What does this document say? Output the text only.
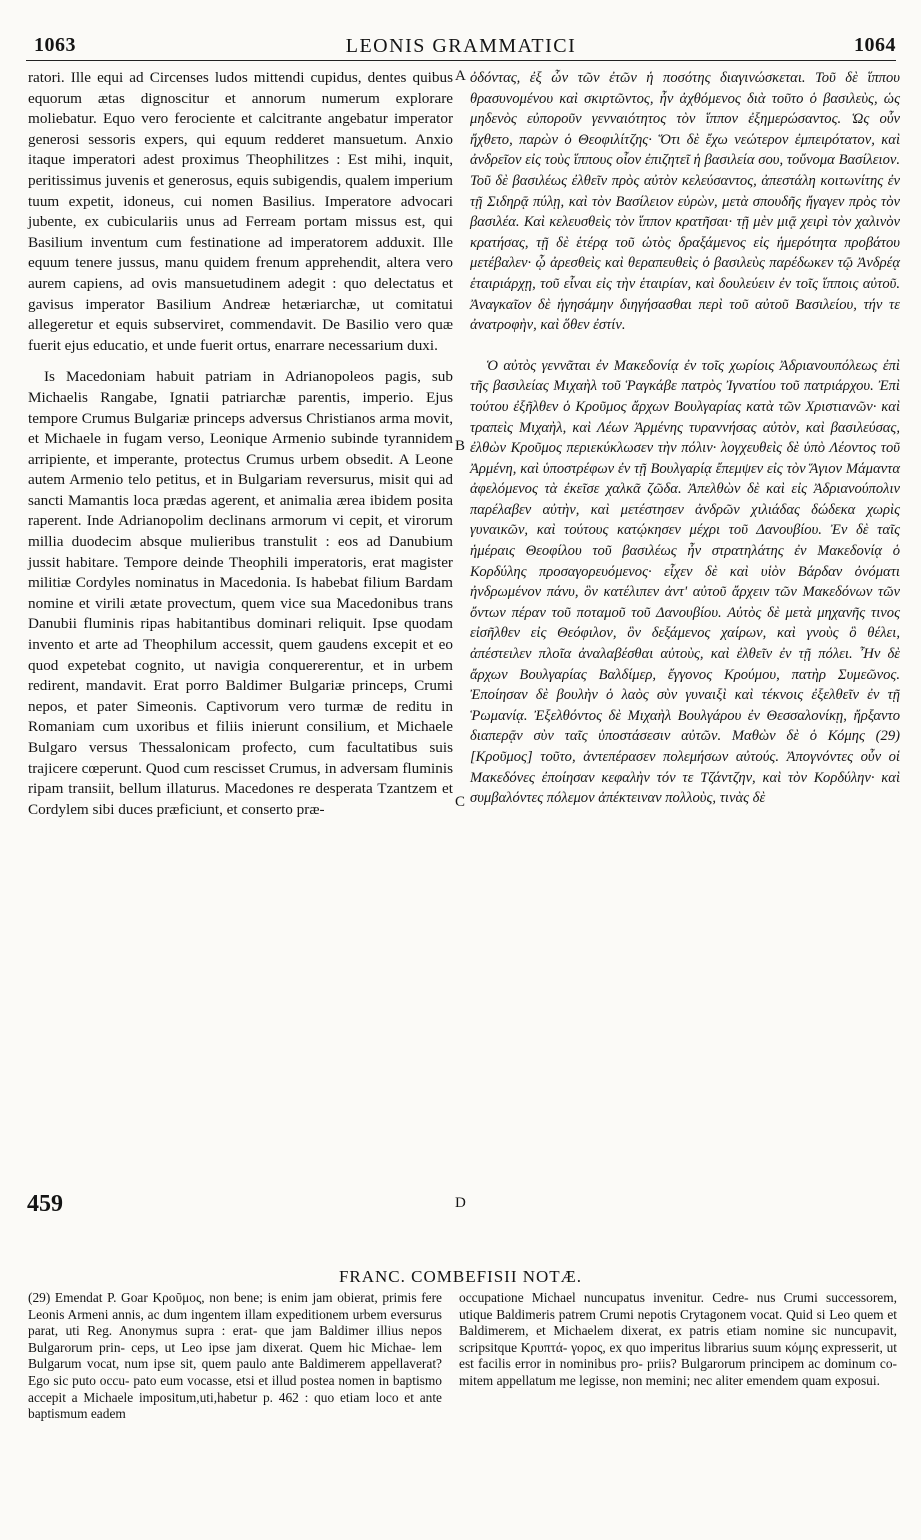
1063	LEONIS GRAMMATICI	1064

ratori. Ille equi ad Circenses ludos mittendi cupidus, dentes quibus equorum ætas dignoscitur et annorum numerum explorare moliebatur. Equo vero ferociente et calcitrante angebatur imperator generosi sessoris expers, qui equum redderet mansuetum. Anxio itaque imperatori adest proximus Theophilitzes : Est mihi, inquit, peritissimus juvenis et generosus, equis subigendis, qualem imperium tuum expetit, idoneus, cui nomen Basilius. Imperatore advocari jubente, ex cubiculariis unus ad Ferream portam missus est, qui Basilium inventum cum festinatione ad imperatorem adduxit. Ille equum tenere jussus, manu quidem frenum apprehendit, altera vero aurem capiens, ad ovis mansuetudinem adegit : quo delectatus et gavisus imperator Basilium Andreæ hetæriarchæ, ut comitatui allegeretur et equis subserviret, commendavit. De Basilio vero quæ fuerit ejus educatio, et unde fuerit ortus, enarrare necessarium duxi.

Is Macedoniam habuit patriam in Adrianopoleos pagis, sub Michaelis Rangabe, Ignatii patriarchæ parentis, imperio. Ejus tempore Crumus Bulgariæ princeps adversus Christianos arma movit, et Michaele in fugam verso, Leonique Armenio subinde tyrannidem arripiente, et imperante, protectus Crumus urbem obsedit. A Leone autem Armenio telo petitus, et in Bulgariam reversurus, misit qui ad sancti Mamantis loca prædas agerent, et animalia ærea ibidem posita raperent. Inde Adrianopolim declinans armorum vi cepit, et virorum millia duodecim absque mulieribus transtulit : eos ad Danubium jussit habitare. Tempore deinde Theophili imperatoris, erat magister militiæ Cordyles nominatus in Macedonia. Is habebat filium Bardam nomine et virili ætate provectum, quem vice sua Macedonibus trans Danubii fluminis ripas habitantibus dominari reliquit. Ipse quodam invento et arte ad Theophilum accessit, quem gaudens excepit et eo quod expetebat cognito, ut navigia conquererentur, et in urbem redirent, mandavit. Erat porro Baldimer Bulgariæ princeps, Crumi nepos, et pater Simeonis. Captivorum vero turmæ de reditu in Romaniam cum uxoribus et filiis inierunt consilium, et Michaele Bulgaro versus Thessalonicam profecto, cum facultatibus suis trajicere cœperunt. Quod cum rescisset Crumus, in adversam fluminis ripam transiit, bellum illaturus. Macedones re desperata Tzantzem et Cordylem sibi duces præficiunt, et conserto præ-

A
B
C
D
459

ὀδόντας, ἐξ ὧν τῶν ἐτῶν ἡ ποσότης διαγινώσκεται. Τοῦ δὲ ἵππου θρασυνομένου καὶ σκιρτῶντος, ἦν ἀχθόμενος διὰ τοῦτο ὁ βασιλεὺς, ὡς μηδενὸς εὐποροῦν γενναιότητος τὸν ἵππον ἐξημερώσαντος. Ὡς οὖν ἤχθετο, παρὼν ὁ Θεοφιλίτζης· Ὅτι δὲ ἔχω νεώτερον ἐμπειρότατον, καὶ ἀνδρεῖον εἰς τοὺς ἵππους οἷον ἐπιζητεῖ ἡ βασιλεία σου, τοὔνομα Βασίλειον. Τοῦ δὲ βασιλέως ἐλθεῖν πρὸς αὐτὸν κελεύσαντος, ἀπεστάλη κοιτωνίτης ἐν τῇ Σιδηρᾷ πύλῃ, καὶ τὸν Βασίλειον εὑρὼν, μετὰ σπουδῆς ἤγαγεν πρὸς τὸν βασιλέα. Καὶ κελευσθεὶς τὸν ἵππον κρατῆσαι· τῇ μὲν μιᾷ χειρὶ τὸν χαλινὸν κρατήσας, τῇ δὲ ἑτέρᾳ τοῦ ὠτὸς δραξάμενος εἰς ἡμερότητα προβάτου μετέβαλεν· ᾧ ἀρεσθεὶς καὶ θεραπευθεὶς ὁ βασιλεὺς παρέδωκεν τῷ Ἀνδρέᾳ ἑταιριάρχῃ, τοῦ εἶναι εἰς τὴν ἑταιρίαν, καὶ δουλεύειν ἐν τοῖς ἵπποις αὐτοῦ. Ἀναγκαῖον δὲ ἡγησάμην διηγήσασθαι περὶ τοῦ αὐτοῦ Βασιλείου, τήν τε ἀνατροφὴν, καὶ ὅθεν ἐστίν.

Ὁ αὐτὸς γεννᾶται ἐν Μακεδονίᾳ ἐν τοῖς χωρίοις Ἀδριανουπόλεως ἐπὶ τῆς βασιλείας Μιχαὴλ τοῦ Ῥαγκάβε πατρὸς Ἰγνατίου τοῦ πατριάρχου. Ἐπὶ τούτου ἐξῆλθεν ὁ Κροῦμος ἄρχων Βουλγαρίας κατὰ τῶν Χριστιανῶν· καὶ τραπεὶς Μιχαὴλ, καὶ Λέων Ἀρμένης τυραννήσας αὐτὸν, καὶ βασιλεύσας, ἐλθὼν Κροῦμος περιεκύκλωσεν τὴν πόλιν· λογχευθεὶς δὲ ὑπὸ Λέοντος τοῦ Ἀρμένη, καὶ ὑποστρέφων ἐν τῇ Βουλγαρίᾳ ἔπεμψεν εἰς τὸν Ἅγιον Μάμαντα ἀφελόμενος τὰ ἐκεῖσε χαλκᾶ ζῶδα. Ἀπελθὼν δὲ καὶ εἰς Ἀδριανούπολιν παρέλαβεν αὐτὴν, καὶ μετέστησεν ἀνδρῶν χιλιάδας δώδεκα χωρὶς γυναικῶν, καὶ τούτους κατῴκησεν μέχρι τοῦ Δανουβίου. Ἐν δὲ ταῖς ἡμέραις Θεοφίλου τοῦ βασιλέως ἦν στρατηλάτης ἐν Μακεδονίᾳ ὁ Κορδύλης προσαγορευόμενος· εἶχεν δὲ καὶ υἱὸν Βάρδαν ὀνόματι ἠνδρωμένον πάνυ, ὃν κατέλιπεν ἀντ' αὐτοῦ ἄρχειν τῶν Μακεδόνων τῶν ὄντων πέραν τοῦ ποταμοῦ τοῦ Δανουβίου. Αὐτὸς δὲ μετὰ μηχανῆς τινος εἰσῆλθεν εἰς Θεόφιλον, ὃν δεξάμενος χαίρων, καὶ γνοὺς ὃ θέλει, ἀπέστειλεν πλοῖα ἀναλαβέσθαι αὐτοὺς, καὶ ἐλθεῖν ἐν τῇ πόλει. Ἦν δὲ ἄρχων Βουλγαρίας Βαλδίμερ, ἔγγονος Κρούμου, πατὴρ Συμεῶνος. Ἐποίησαν δὲ βουλὴν ὁ λαὸς σὺν γυναιξὶ καὶ τέκνοις ἐξελθεῖν ἐν τῇ Ῥωμανίᾳ. Ἐξελθόντος δὲ Μιχαὴλ Βουλγάρου ἐν Θεσσαλονίκῃ, ἤρξαντο διαπερᾷν σὺν ταῖς ὑποστάσεσιν αὐτῶν. Μαθὼν δὲ ὁ Κόμης (29) [Κροῦμος] τοῦτο, ἀντεπέρασεν πολεμήσων αὐτούς. Ἀπογνόντες οὖν οἱ Μακεδόνες ἐποίησαν κεφαλὴν τόν τε Τζάντζην, καὶ τὸν Κορδύλην· καὶ συμβαλόντες πόλεμον ἀπέκτειναν πολλοὺς, τινὰς δὲ

FRANC. COMBEFISII NOTÆ.

(29) Emendat P. Goar Κροῦμος, non bene; is enim jam obierat, primis fere Leonis Armeni annis, ac dum ingentem illam expeditionem urbem eversurus parat, uti Reg. Anonymus supra : erat- que jam Baldimer illius nepos Bulgarorum prin- ceps, ut Leo ipse jam dixerat. Quem hic Michae- lem Bulgarum vocat, num ipse sit, quem paulo ante Baldimerem appellaverat? Ego sic puto occu- pato eum vocasse, etsi et illud postea nomen in baptismo accepit a Michaele impositum,uti,habetur p. 462 : quo etiam loco et ante baptismum eadem

occupatione Michael nuncupatus invenitur. Cedre- nus Crumi successorem, utique Baldimeris patrem Crumi nepotis Crytagonem vocat. Quid si Leo quem et Baldimerem, et Michaelem dixerat, ex patris etiam nomine sic nuncupavit, scripsitque Κρυπτά- γορος, ex quo imperitus librarius suum κόμης expresserit, ut est facilis error in nominibus pro- priis? Bulgarorum principem ac dominum co- mitem appellatum me legisse, non memini; nec aliter emendem quam exposui.
